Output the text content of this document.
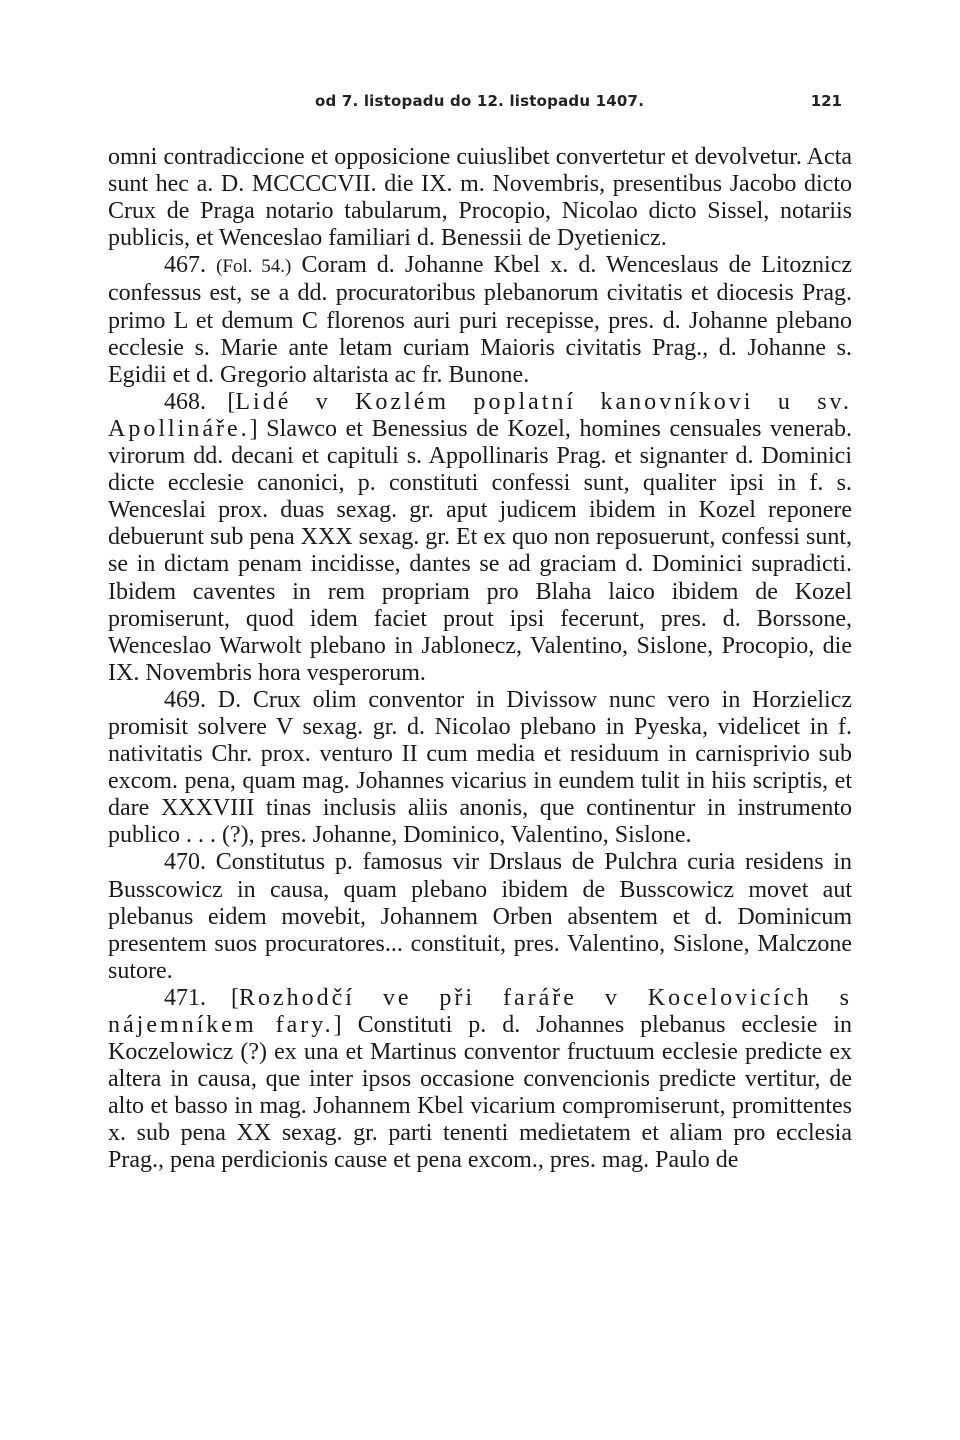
od 7. listopadu do 12. listopadu 1407.	121

omni contradiccione et opposicione cuiuslibet convertetur et devolvetur. Acta sunt hec a. D. MCCCCVII. die IX. m. Novembris, presentibus Jacobo dicto Crux de Praga notario tabularum, Procopio, Nicolao dicto Sissel, notariis publicis, et Wenceslao familiari d. Benessii de Dyetienicz.

467. (Fol. 54.) Coram d. Johanne Kbel x. d. Wenceslaus de Litoznicz confessus est, se a dd. procuratoribus plebanorum civitatis et diocesis Prag. primo L et demum C florenos auri puri recepisse, pres. d. Johanne plebano ecclesie s. Marie ante letam curiam Maioris civitatis Prag., d. Johanne s. Egidii et d. Gregorio altarista ac fr. Bunone.

468. [Lidé v Kozlém poplatní kanovníkovi u sv. Apollináře.] Slawco et Benessius de Kozel, homines censuales venerab. virorum dd. decani et capituli s. Appollinaris Prag. et signanter d. Dominici dicte ecclesie canonici, p. constituti confessi sunt, qualiter ipsi in f. s. Wenceslai prox. duas sexag. gr. aput judicem ibidem in Kozel reponere debuerunt sub pena XXX sexag. gr. Et ex quo non reposuerunt, confessi sunt, se in dictam penam incidisse, dantes se ad graciam d. Dominici supradicti. Ibidem caventes in rem propriam pro Blaha laico ibidem de Kozel promiserunt, quod idem faciet prout ipsi fecerunt, pres. d. Borssone, Wenceslao Warwolt plebano in Jablonecz, Valentino, Sislone, Procopio, die IX. Novembris hora vesperorum.

469. D. Crux olim conventor in Divissow nunc vero in Horzielicz promisit solvere V sexag. gr. d. Nicolao plebano in Pyeska, videlicet in f. nativitatis Chr. prox. venturo II cum media et residuum in carnisprivio sub excom. pena, quam mag. Johannes vicarius in eundem tulit in hiis scriptis, et dare XXXVIII tinas inclusis aliis anonis, que continentur in instrumento publico . . . (?), pres. Johanne, Dominico, Valentino, Sislone.

470. Constitutus p. famosus vir Drslaus de Pulchra curia residens in Busscowicz in causa, quam plebano ibidem de Busscowicz movet aut plebanus eidem movebit, Johannem Orben absentem et d. Dominicum presentem suos procuratores... constituit, pres. Valentino, Sislone, Malczone sutore.

471. [Rozhodčí ve při faráře v Kocelovicích s nájemníkem fary.] Constituti p. d. Johannes plebanus ecclesie in Koczelowicz (?) ex una et Martinus conventor fructuum ecclesie predicte ex altera in causa, que inter ipsos occasione convencionis predicte vertitur, de alto et basso in mag. Johannem Kbel vicarium compromiserunt, promittentes x. sub pena XX sexag. gr. parti tenenti medietatem et aliam pro ecclesia Prag., pena perdicionis cause et pena excom., pres. mag. Paulo de
